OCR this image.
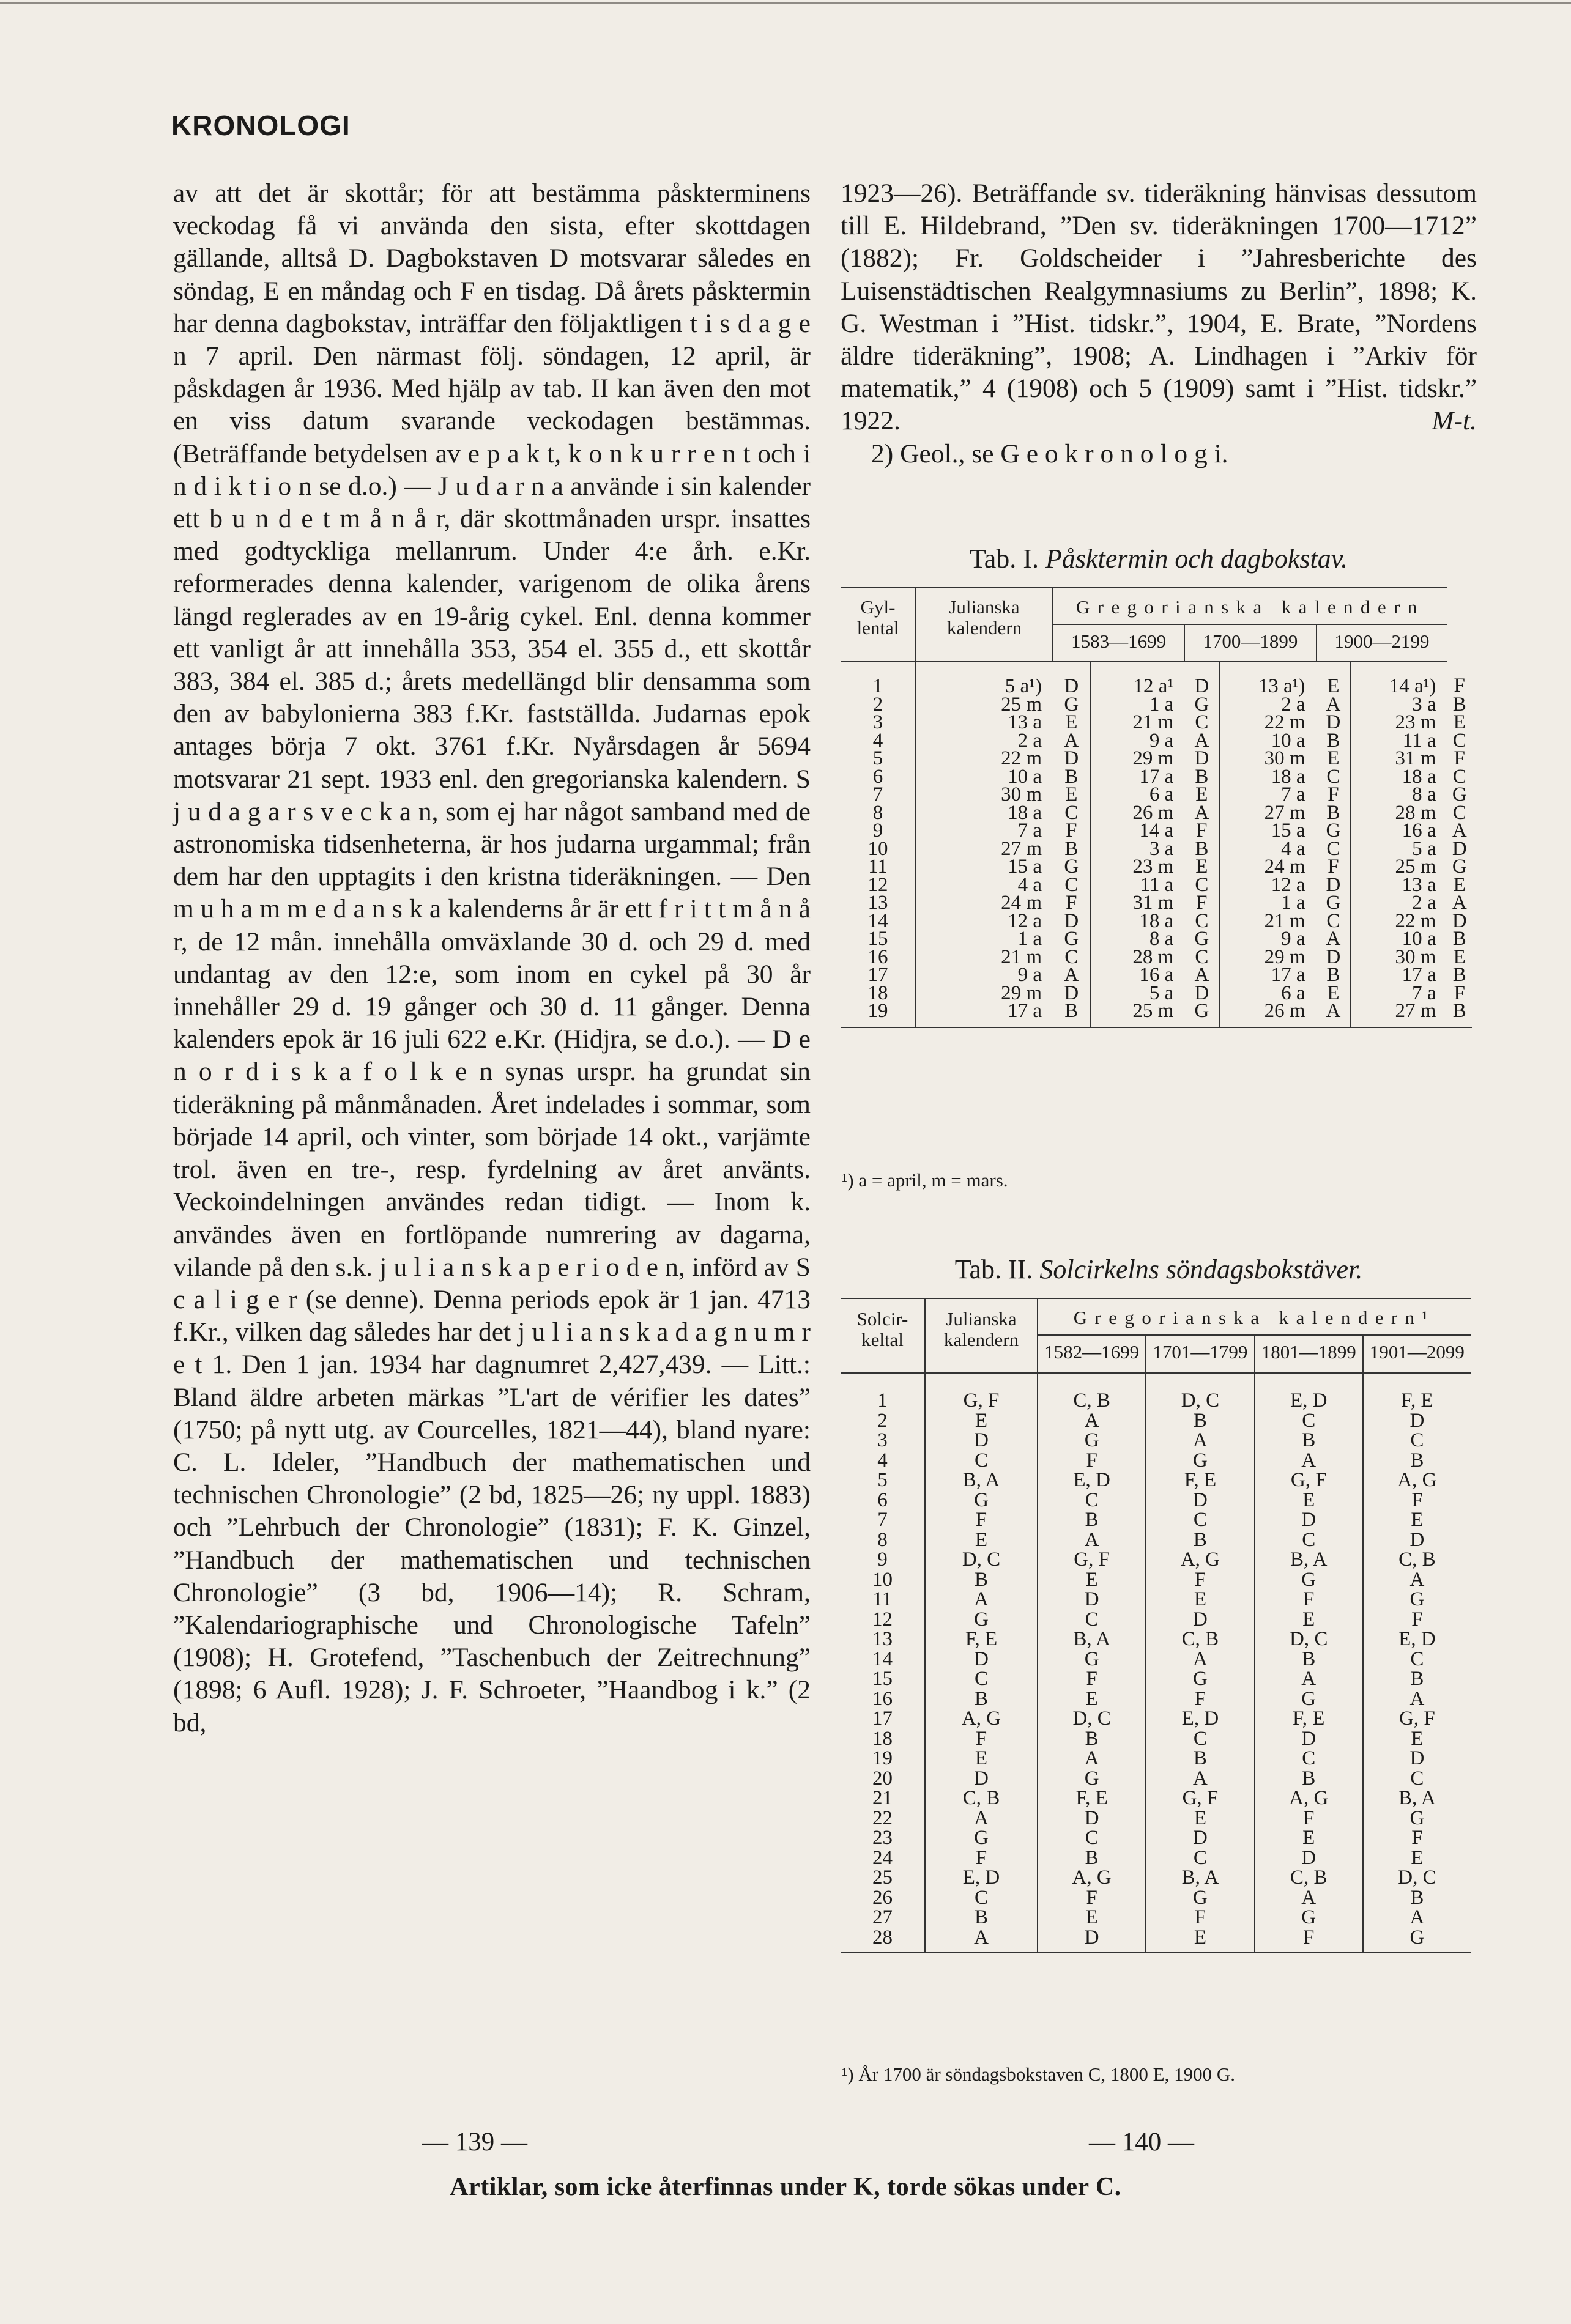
KRONOLOGI

av att det är skottår; för att bestämma påskterminens veckodag få vi använda den sista, efter skottdagen gällande, alltså D. Dagbokstaven D motsvarar således en söndag, E en måndag och F en tisdag. Då årets påsktermin har denna dagbokstav, inträffar den följaktligen t i s d a g e n 7 april. Den närmast följ. söndagen, 12 april, är påskdagen år 1936. Med hjälp av tab. II kan även den mot en viss datum svarande veckodagen bestämmas. (Beträffande betydelsen av e p a k t, k o n k u r r e n t och i n d i k t i o n se d.o.) — J u d a r n a använde i sin kalender ett b u n d e t m å n å r, där skottmånaden urspr. insattes med godtyckliga mellanrum. Under 4:e årh. e.Kr. reformerades denna kalender, varigenom de olika årens längd reglerades av en 19-årig cykel. Enl. denna kommer ett vanligt år att innehålla 353, 354 el. 355 d., ett skottår 383, 384 el. 385 d.; årets medellängd blir densamma som den av babylonierna 383 f.Kr. fastställda. Judarnas epok antages börja 7 okt. 3761 f.Kr. Nyårsdagen år 5694 motsvarar 21 sept. 1933 enl. den gregorianska kalendern. S j u d a g a r s v e c k a n, som ej har något samband med de astronomiska tidsenheterna, är hos judarna urgammal; från dem har den upptagits i den kristna tideräkningen. — Den m u h a m m e d a n s k a kalenderns år är ett f r i t t m å n å r, de 12 mån. innehålla omväxlande 30 d. och 29 d. med undantag av den 12:e, som inom en cykel på 30 år innehåller 29 d. 19 gånger och 30 d. 11 gånger. Denna kalenders epok är 16 juli 622 e.Kr. (Hidjra, se d.o.). — D e n o r d i s k a f o l k e n synas urspr. ha grundat sin tideräkning på månmånaden. Året indelades i sommar, som började 14 april, och vinter, som började 14 okt., varjämte trol. även en tre-, resp. fyrdelning av året använts. Veckoindelningen användes redan tidigt. — Inom k. användes även en fortlöpande numrering av dagarna, vilande på den s.k. j u l i a n s k a p e r i o d e n, införd av S c a l i g e r (se denne). Denna periods epok är 1 jan. 4713 f.Kr., vilken dag således har det j u l i a n s k a d a g n u m r e t 1. Den 1 jan. 1934 har dagnumret 2,427,439. — Litt.: Bland äldre arbeten märkas ”L'art de vérifier les dates” (1750; på nytt utg. av Courcelles, 1821—44), bland nyare: C. L. Ideler, ”Handbuch der mathematischen und technischen Chronologie” (2 bd, 1825—26; ny uppl. 1883) och ”Lehrbuch der Chronologie” (1831); F. K. Ginzel, ”Handbuch der mathematischen und technischen Chronologie” (3 bd, 1906—14); R. Schram, ”Kalendariographische und Chronologische Tafeln” (1908); H. Grotefend, ”Taschenbuch der Zeitrechnung” (1898; 6 Aufl. 1928); J. F. Schroeter, ”Haandbog i k.” (2 bd,

1923—26). Beträffande sv. tideräkning hänvisas dessutom till E. Hildebrand, ”Den sv. tideräkningen 1700—1712” (1882); Fr. Goldscheider i ”Jahresberichte des Luisenstädtischen Realgymnasiums zu Berlin”, 1898; K. G. Westman i ”Hist. tidskr.”, 1904, E. Brate, ”Nordens äldre tideräkning”, 1908; A. Lindhagen i ”Arkiv för matematik,” 4 (1908) och 5 (1909) samt i ”Hist. tidskr.” 1922.	M-t.

2) Geol., se G e o k r o n o l o g i.

Tab. I. Påsktermin och dagbokstav.
Gyl- lental	Julianska kalendern	Gregorianska kalendern						
		1583—1699		1700—1899		1900—2199		
1	5 a¹)	D	12 a¹	D	13 a¹)	E	14 a¹)	F
2	25 m	G	1 a	G	2 a	A	3 a	B
3	13 a	E	21 m	C	22 m	D	23 m	E
4	2 a	A	9 a	A	10 a	B	11 a	C
5	22 m	D	29 m	D	30 m	E	31 m	F
6	10 a	B	17 a	B	18 a	C	18 a	C
7	30 m	E	6 a	E	7 a	F	8 a	G
8	18 a	C	26 m	A	27 m	B	28 m	C
9	7 a	F	14 a	F	15 a	G	16 a	A
10	27 m	B	3 a	B	4 a	C	5 a	D
11	15 a	G	23 m	E	24 m	F	25 m	G
12	4 a	C	11 a	C	12 a	D	13 a	E
13	24 m	F	31 m	F	1 a	G	2 a	A
14	12 a	D	18 a	C	21 m	C	22 m	D
15	1 a	G	8 a	G	9 a	A	10 a	B
16	21 m	C	28 m	C	29 m	D	30 m	E
17	9 a	A	16 a	A	17 a	B	17 a	B
18	29 m	D	5 a	D	6 a	E	7 a	F
19	17 a	B	25 m	G	26 m	A	27 m	B
¹) a = april, m = mars.
Tab. II. Solcirkelns söndagsbokstäver.
Solcir- keltal	Julianska kalendern	Gregorianska kalendern¹			
		1582—1699	1701—1799	1801—1899	1901—2099
1	G, F	C, B	D, C	E, D	F, E
2	E	A	B	C	D
3	D	G	A	B	C
4	C	F	G	A	B
5	B, A	E, D	F, E	G, F	A, G
6	G	C	D	E	F
7	F	B	C	D	E
8	E	A	B	C	D
9	D, C	G, F	A, G	B, A	C, B
10	B	E	F	G	A
11	A	D	E	F	G
12	G	C	D	E	F
13	F, E	B, A	C, B	D, C	E, D
14	D	G	A	B	C
15	C	F	G	A	B
16	B	E	F	G	A
17	A, G	D, C	E, D	F, E	G, F
18	F	B	C	D	E
19	E	A	B	C	D
20	D	G	A	B	C
21	C, B	F, E	G, F	A, G	B, A
22	A	D	E	F	G
23	G	C	D	E	F
24	F	B	C	D	E
25	E, D	A, G	B, A	C, B	D, C
26	C	F	G	A	B
27	B	E	F	G	A
28	A	D	E	F	G
¹) År 1700 är söndagsbokstaven C, 1800 E, 1900 G.
— 139 —	— 140 —
Artiklar, som icke återfinnas under K, torde sökas under C.
